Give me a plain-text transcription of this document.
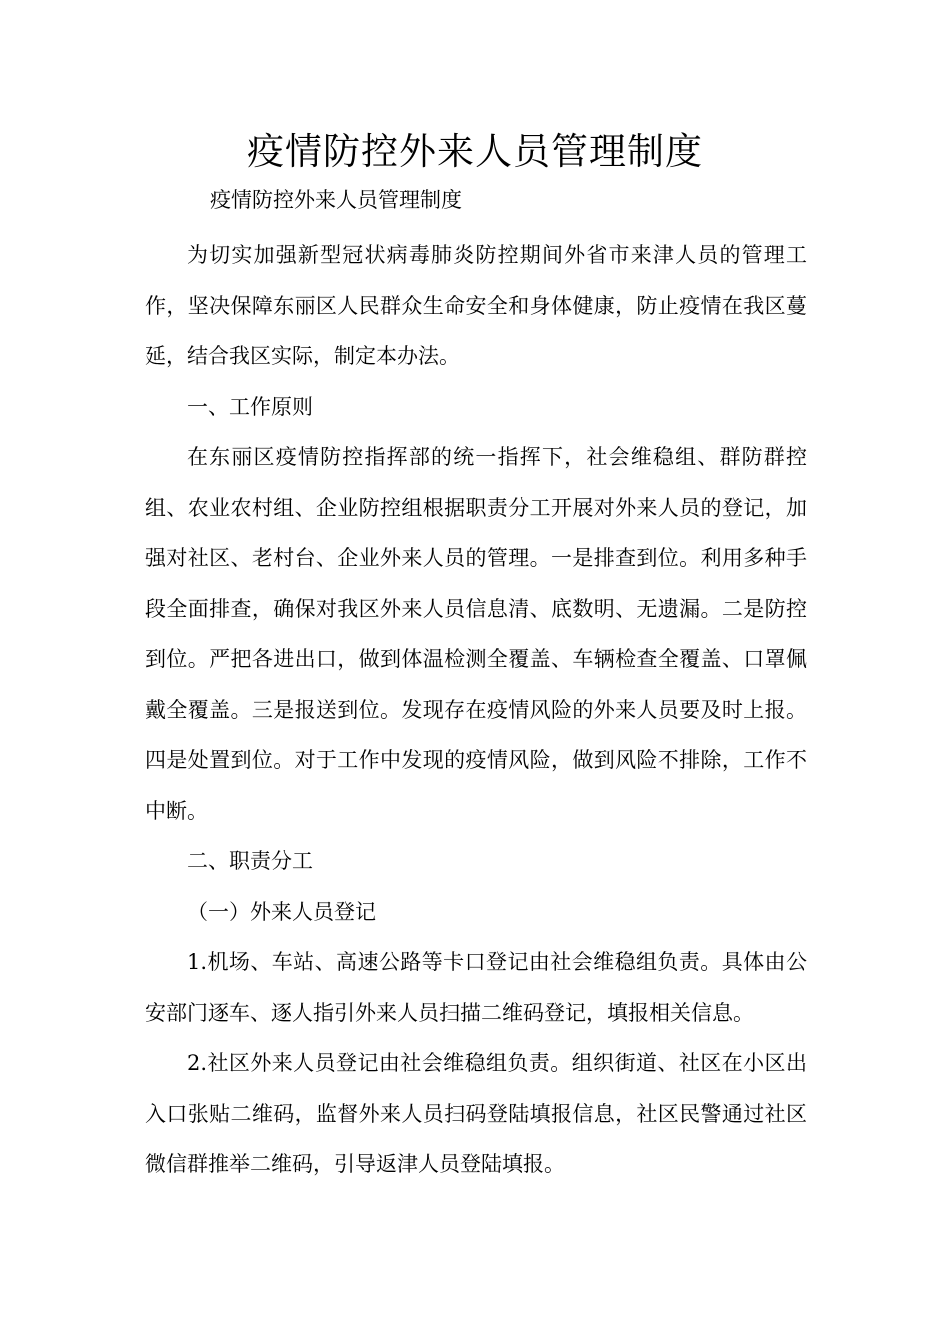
疫情防控外来人员管理制度

疫情防控外来人员管理制度

为切实加强新型冠状病毒肺炎防控期间外省市来津人员的管理工作，坚决保障东丽区人民群众生命安全和身体健康，防止疫情在我区蔓延，结合我区实际，制定本办法。

一、工作原则

在东丽区疫情防控指挥部的统一指挥下，社会维稳组、群防群控组、农业农村组、企业防控组根据职责分工开展对外来人员的登记，加强对社区、老村台、企业外来人员的管理。一是排查到位。利用多种手段全面排查，确保对我区外来人员信息清、底数明、无遗漏。二是防控到位。严把各进出口，做到体温检测全覆盖、车辆检查全覆盖、口罩佩戴全覆盖。三是报送到位。发现存在疫情风险的外来人员要及时上报。四是处置到位。对于工作中发现的疫情风险，做到风险不排除，工作不中断。

二、职责分工

（一）外来人员登记

1.机场、车站、高速公路等卡口登记由社会维稳组负责。具体由公安部门逐车、逐人指引外来人员扫描二维码登记，填报相关信息。

2.社区外来人员登记由社会维稳组负责。组织街道、社区在小区出入口张贴二维码，监督外来人员扫码登陆填报信息，社区民警通过社区微信群推举二维码，引导返津人员登陆填报。
